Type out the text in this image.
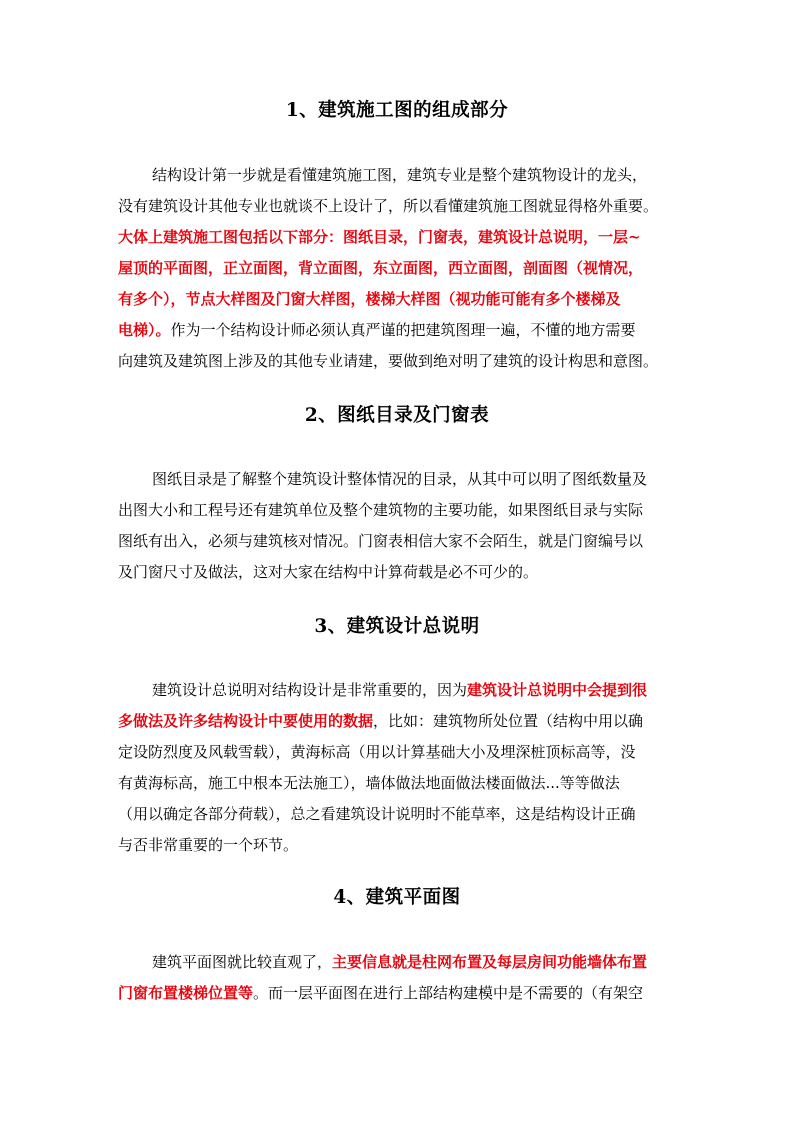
1、建筑施工图的组成部分
结构设计第一步就是看懂建筑施工图，建筑专业是整个建筑物设计的龙头，
没有建筑设计其他专业也就谈不上设计了，所以看懂建筑施工图就显得格外重要。
大体上建筑施工图包括以下部分：图纸目录，门窗表，建筑设计总说明，一层~
屋顶的平面图，正立面图，背立面图，东立面图，西立面图，剖面图（视情况，
有多个），节点大样图及门窗大样图，楼梯大样图（视功能可能有多个楼梯及
电梯）。作为一个结构设计师必须认真严谨的把建筑图理一遍，不懂的地方需要
向建筑及建筑图上涉及的其他专业请建，要做到绝对明了建筑的设计构思和意图。
2、图纸目录及门窗表
图纸目录是了解整个建筑设计整体情况的目录，从其中可以明了图纸数量及
出图大小和工程号还有建筑单位及整个建筑物的主要功能，如果图纸目录与实际
图纸有出入，必须与建筑核对情况。门窗表相信大家不会陌生，就是门窗编号以
及门窗尺寸及做法，这对大家在结构中计算荷载是必不可少的。
3、建筑设计总说明
建筑设计总说明对结构设计是非常重要的，因为建筑设计总说明中会提到很
多做法及许多结构设计中要使用的数据，比如：建筑物所处位置（结构中用以确
定设防烈度及风载雪载），黄海标高（用以计算基础大小及埋深桩顶标高等，没
有黄海标高，施工中根本无法施工），墙体做法地面做法楼面做法...等等做法
（用以确定各部分荷载），总之看建筑设计说明时不能草率，这是结构设计正确
与否非常重要的一个环节。
4、建筑平面图
建筑平面图就比较直观了，主要信息就是柱网布置及每层房间功能墙体布置
门窗布置楼梯位置等。而一层平面图在进行上部结构建模中是不需要的（有架空
